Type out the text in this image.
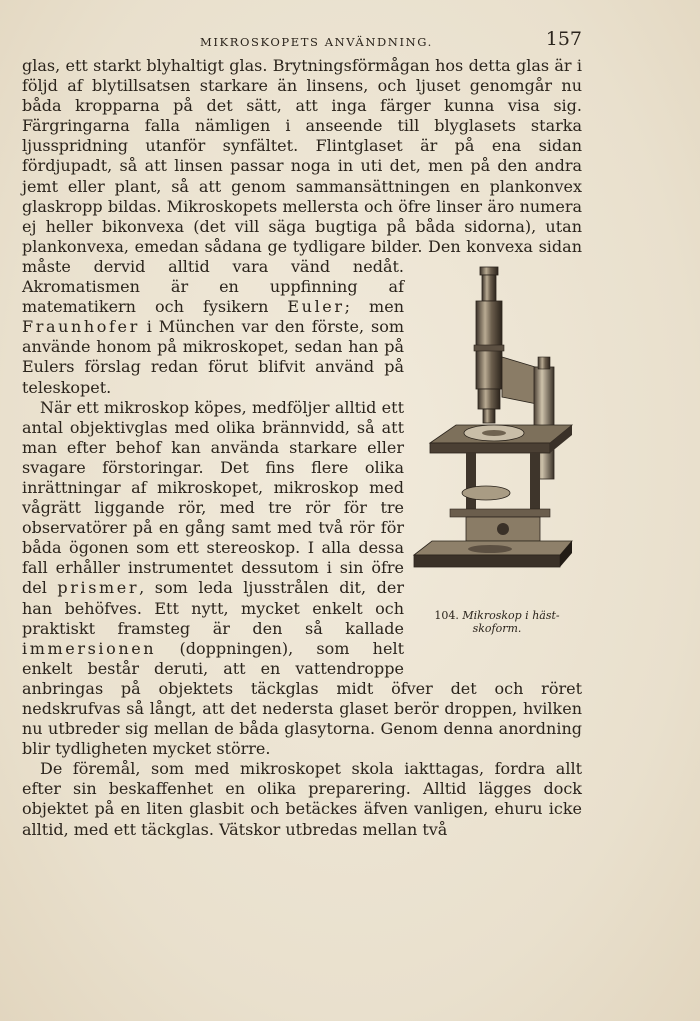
MIKROSKOPETS ANVÄNDNING.	157

glas, ett starkt blyhaltigt glas. Brytningsförmågan hos detta glas är i följd af blytillsatsen starkare än linsens, och ljuset genomgår nu båda kropparna på det sätt, att inga färger kunna visa sig. Färgringarna falla nämligen i anseende till blyglasets starka ljusspridning utanför synfältet. Flintglaset är på ena sidan fördjupadt, så att linsen passar noga in uti det, men på den andra jemt eller plant, så att genom sammansättningen en plankonvex glaskropp bildas. Mikroskopets mellersta och öfre linser äro numera ej heller bikonvexa (det vill säga bugtiga på båda sidorna), utan plankonvexa, emedan sådana ge tydligare bilder. Den konvexa sidan måste dervid
104. Mikroskop i häst-skoform.
alltid vara vänd nedåt. Akromatismen är en uppfinning af matematikern och fysikern Euler; men Fraunhofer i München var den förste, som använde honom på mikroskopet, sedan han på Eulers förslag redan förut blifvit använd på teleskopet.

När ett mikroskop köpes, medföljer alltid ett antal objektivglas med olika brännvidd, så att man efter behof kan använda starkare eller svagare förstoringar. Det fins flere olika inrättningar af mikroskopet, mikroskop med vågrätt liggande rör, med tre rör för tre observatörer på en gång samt med två rör för båda ögonen som ett stereoskop. I alla dessa fall erhåller instrumentet dessutom i sin öfre del prismer, som leda ljusstrålen dit, der han behöfves. Ett nytt, mycket enkelt och praktiskt framsteg är den så kallade immersionen (doppningen), som helt enkelt består deruti, att en vattendroppe anbringas på objektets täckglas midt öfver det och röret nedskrufvas så långt, att det nedersta glaset berör droppen, hvilken nu utbreder sig mellan de båda glasytorna. Genom denna anordning blir tydligheten mycket större.

De föremål, som med mikroskopet skola iakttagas, fordra allt efter sin beskaffenhet en olika preparering. Alltid lägges dock objektet på en liten glasbit och betäckes äfven vanligen, ehuru icke alltid, med ett täckglas. Vätskor utbredas mellan två
